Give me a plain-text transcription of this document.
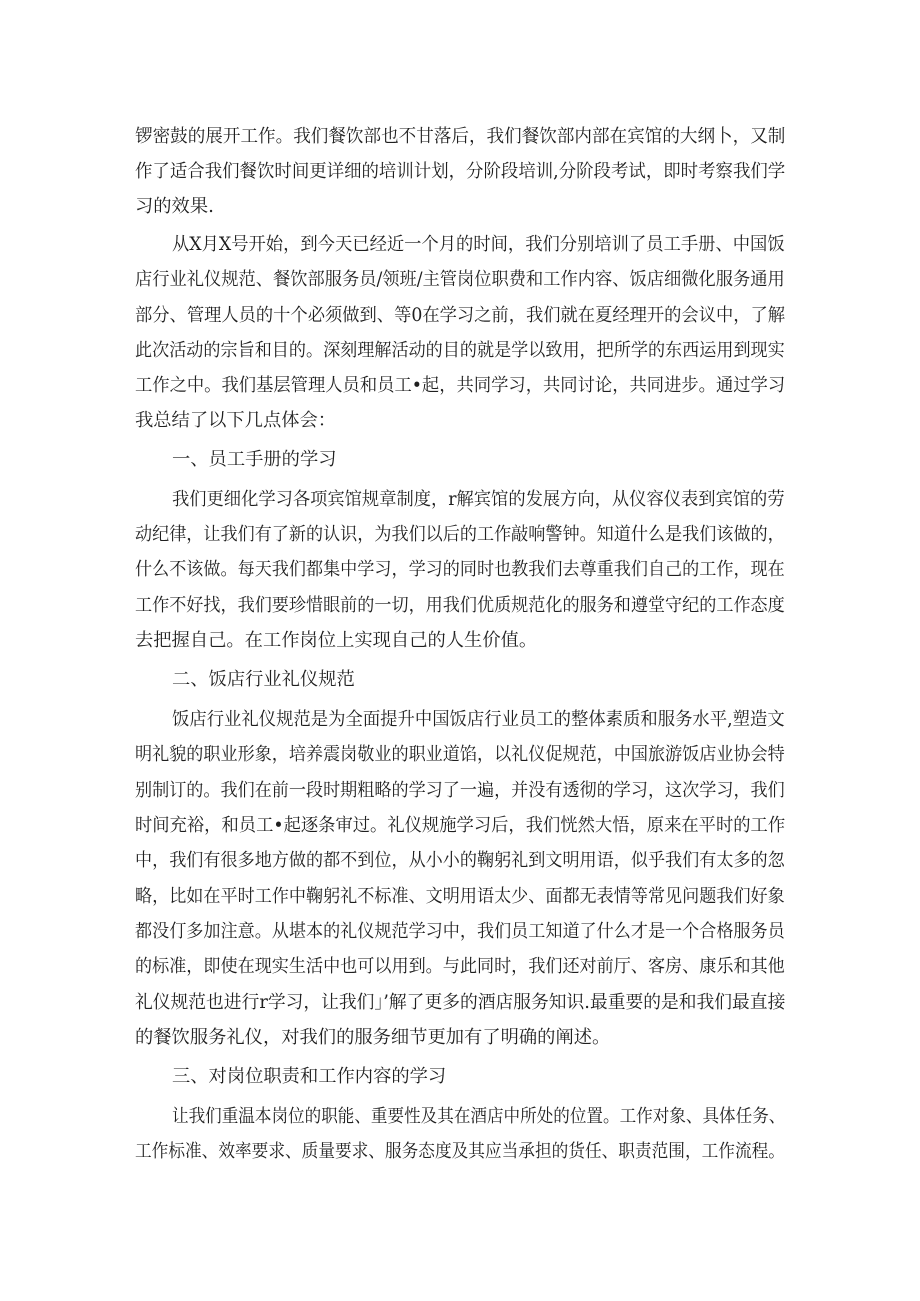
锣密鼓的展开工作。我们餐饮部也不甘落后，我们餐饮部内部在宾馆的大纲卜，又制

作了适合我们餐饮时间更详细的培训计划，分阶段培训,分阶段考试，即时考察我们学

习的效果.

从X月X号开始，到今天已经近一个月的时间，我们分别培训了员工手册、中国饭

店行业礼仪规范、餐饮部服务员/领班/主管岗位职费和工作内容、饭店细微化服务通用

部分、管理人员的十个必须做到、等0在学习之前，我们就在夏经理开的会议中，了解

此次活动的宗旨和目的。深刻理解活动的目的就是学以致用，把所学的东西运用到现实

工作之中。我们基层管理人员和员工•起，共同学习，共同讨论，共同进步。通过学习

我总结了以下几点体会：

一、员工手册的学习

我们更细化学习各项宾馆规章制度，r解宾馆的发展方向，从仪容仪表到宾馆的劳

动纪律，让我们有了新的认识，为我们以后的工作敲响警钟。知道什么是我们该做的，

什么不该做。每天我们都集中学习，学习的同时也教我们去尊重我们自己的工作，现在

工作不好找，我们要珍惜眼前的一切，用我们优质规范化的服务和遵堂守纪的工作态度

去把握自己。在工作岗位上实现自己的人生价值。

二、饭店行业礼仪规范

饭店行业礼仪规范是为全面提升中国饭店行业员工的整体素质和服务水平,塑造文

明礼貌的职业形象，培养震岗敬业的职业道馅，以礼仪促规范，中国旅游饭店业协会特

别制订的。我们在前一段时期粗略的学习了一遍，并没有透彻的学习，这次学习，我们

时间充裕，和员工•起逐条审过。礼仪规施学习后，我们恍然大悟，原来在平时的工作

中，我们有很多地方做的都不到位，从小小的鞠躬礼到文明用语，似乎我们有太多的忽

略，比如在平时工作中鞠躬礼不标准、文明用语太少、面都无表情等常见问题我们好象

都没仃多加注意。从堪本的礼仪规范学习中，我们员工知道了什么才是一个合格服务员

的标准，即使在现实生活中也可以用到。与此同时，我们还对前厅、客房、康乐和其他

礼仪规范也进行r学习，让我们」’解了更多的酒店服务知识.最重要的是和我们最直接

的餐饮服务礼仪，对我们的服务细节更加有了明确的阐述。

三、对岗位职责和工作内容的学习

让我们重温本岗位的职能、重要性及其在酒店中所处的位置。工作对象、具体任务、

工作标准、效率要求、质量要求、服务态度及其应当承担的货任、职责范围，工作流程。
